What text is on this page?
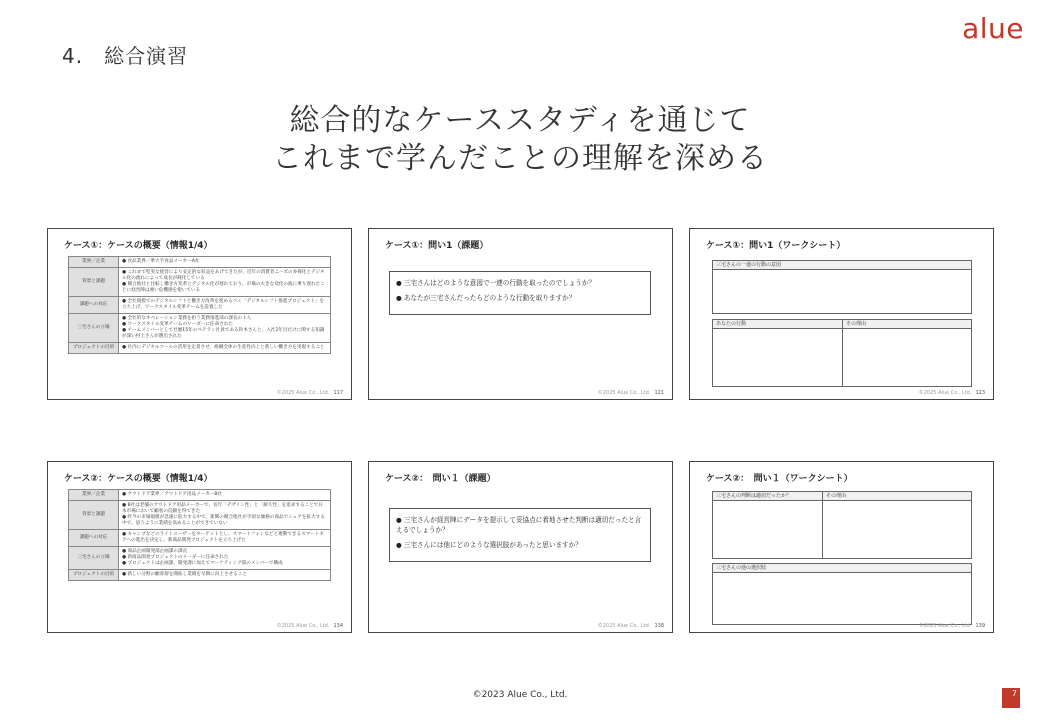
4.　総合演習
alue
総合的なケーススタディを通じて
これまで学んだことの理解を深める
ケース①：ケースの概要（情報1/4）
業界／企業	● 食品業界／準大手食品メーカーA社

背景と課題	● これまで堅実な経営により安定的な収益をあげてきたが、近年の消費者ニーズの多様化とデジタル化の流れによって成長が鈍化している
● 競合他社と比較し働き方変革とデジタル化が遅れており、市場の大きな変化の波に乗り遅れたことに経営陣は強い危機感を抱いている

課題への対応	● 全社規模でのデジタルシフトと働き方改革を進めるべく「デジタルシフト推進プロジェクト」を立ち上げ、ワークスタイル変革チームを設置した

三宅さんの立場	● 全社的なオペレーション業務を担う業務推進部の課長の１人
● ワークスタイル変革チームのリーダーに任命された
● チームメンバーとして社歴15年のベテラン社員である鈴木さんと、入社2年目だけに関する知識が深い村上さんが選出された

プロジェクトの目的	● 社内にデジタルツールの活用を定着させ、組織全体の生産性向上と新しい働き方を実現すること
©2025 Alue Co., Ltd. 117
ケース①：問い1（課題）
● 三宅さんはどのような意図で一連の行動を取ったのでしょうか？
● あなたが三宅さんだったらどのような行動を取りますか？
©2025 Alue Co., Ltd. 121
ケース①：問い1（ワークシート）
三宅さんの一連の行動の意図
あなたの行動	その理由
©2025 Alue Co., Ltd. 123
ケース②：ケースの概要（情報1/4）
業界／企業	● アウトドア業界／アウトドア用品メーカーB社

背景と課題	● B社は老舗のアウトドア用品メーカーで、長年「デザイン性」と「耐久性」を追求することで日本市場において顧客の信頼を得てきた
● 昨今の市場規模が急速に拡大する中で、新興の競合他社が手頃な価格の商品でシェアを拡大する中で、思うように業績を高めることができていない

課題への対応	● キャンプなどのライトユーザーをターゲットとし、スマートフォンなどと連動できるスマートギアへの進出を決定し、新商品開発プロジェクトを立ち上げた

三宅さんの立場	● 商品企画開発部企画課の課長
● 新商品開発プロジェクトのリーダーに任命された
● プロジェクトは企画課、開発課に加えてマーケティング部のメンバーで構成

プロジェクトの目的	● 新しい分野の顧客層を開拓し業績を早期に向上させること
©2025 Alue Co., Ltd. 134
ケース②：　問い１（課題）
● 三宅さんが経営陣にデータを提示して妥協点に着地させた判断は適切だったと言えるでしょうか？
● 三宅さんには他にどのような選択肢があったと思いますか？
©2025 Alue Co., Ltd. 138
ケース②：　問い１（ワークシート）
三宅さんの判断は適切だったか？	その理由
三宅さんの他の選択肢
©2025 Alue Co., Ltd. 139
©2023 Alue Co., Ltd.	7
